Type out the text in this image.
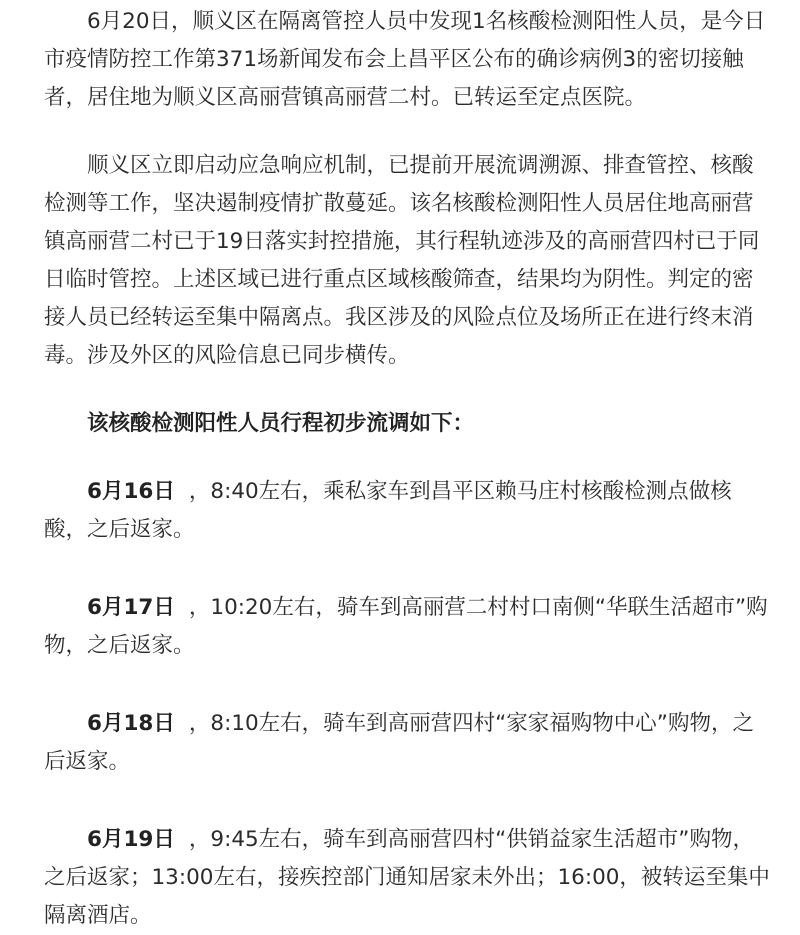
6月20日，顺义区在隔离管控人员中发现1名核酸检测阳性人员，是今日市疫情防控工作第371场新闻发布会上昌平区公布的确诊病例3的密切接触者，居住地为顺义区高丽营镇高丽营二村。已转运至定点医院。

顺义区立即启动应急响应机制，已提前开展流调溯源、排查管控、核酸检测等工作，坚决遏制疫情扩散蔓延。该名核酸检测阳性人员居住地高丽营镇高丽营二村已于19日落实封控措施，其行程轨迹涉及的高丽营四村已于同日临时管控。上述区域已进行重点区域核酸筛查，结果均为阴性。判定的密接人员已经转运至集中隔离点。我区涉及的风险点位及场所正在进行终末消毒。涉及外区的风险信息已同步横传。

该核酸检测阳性人员行程初步流调如下：

6月16日 ，8:40左右，乘私家车到昌平区赖马庄村核酸检测点做核酸，之后返家。

6月17日 ，10:20左右，骑车到高丽营二村村口南侧“华联生活超市”购物，之后返家。

6月18日 ，8:10左右，骑车到高丽营四村“家家福购物中心”购物，之后返家。

6月19日 ，9:45左右，骑车到高丽营四村“供销益家生活超市”购物，之后返家；13:00左右，接疾控部门通知居家未外出；16:00，被转运至集中隔离酒店。
